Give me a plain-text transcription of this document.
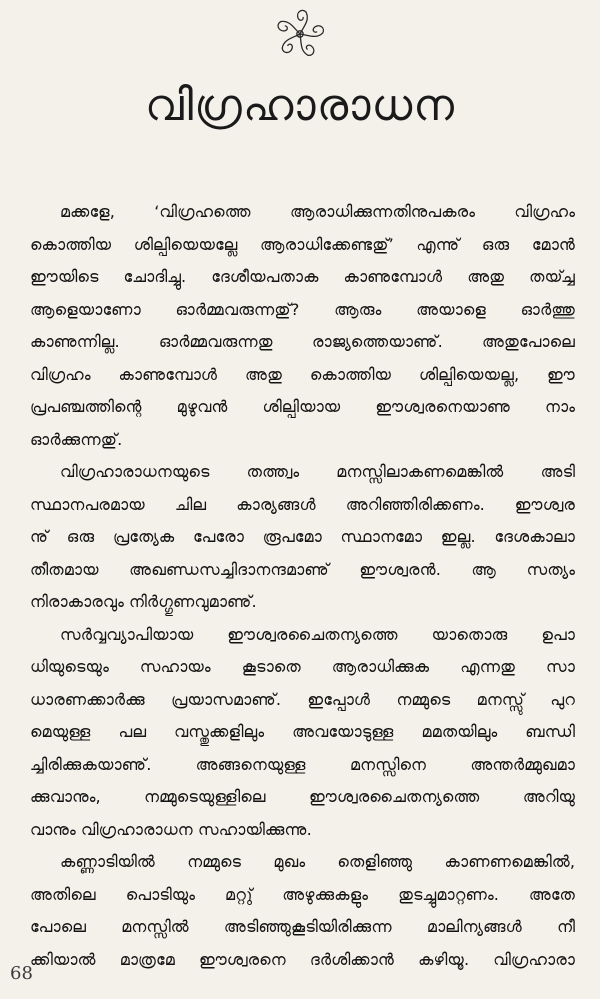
വിഗ്രഹാരാധന
മക്കളേ, ‘വിഗ്രഹത്തെ ആരാധിക്കുന്നതിനുപകരം വിഗ്രഹം
കൊത്തിയ ശില്പിയെയല്ലേ ആരാധിക്കേണ്ടതു്’ എന്നു് ഒരു മോൻ
ഈയിടെ ചോദിച്ചു. ദേശീയപതാക കാണുമ്പോൾ അതു തയ്ച്ച
ആളെയാണോ ഓർമ്മവരുന്നതു്? ആരും അയാളെ ഓർത്തു
കാണുന്നില്ല. ഓർമ്മവരുന്നതു രാജ്യത്തെയാണു്. അതുപോലെ
വിഗ്രഹം കാണുമ്പോൾ അതു കൊത്തിയ ശില്പിയെയല്ല, ഈ
പ്രപഞ്ചത്തിന്റെ മുഴുവൻ ശില്പിയായ ഈശ്വരനെയാണു നാം
ഓർക്കുന്നതു്.
വിഗ്രഹാരാധനയുടെ തത്ത്വം മനസ്സിലാകണമെങ്കിൽ അടി
സ്ഥാനപരമായ ചില കാര്യങ്ങൾ അറിഞ്ഞിരിക്കണം. ഈശ്വര
നു് ഒരു പ്രത്യേക പേരോ രൂപമോ സ്ഥാനമോ ഇല്ല. ദേശകാലാ
തീതമായ അഖണ്ഡസച്ചിദാനന്ദമാണു് ഈശ്വരൻ. ആ സത്യം
നിരാകാരവും നിർഗ്ഗുണവുമാണു്.
സർവ്വവ്യാപിയായ ഈശ്വരചൈതന്യത്തെ യാതൊരു ഉപാ
ധിയുടെയും സഹായം കൂടാതെ ആരാധിക്കുക എന്നതു സാ
ധാരണക്കാർക്കു പ്രയാസമാണു്. ഇപ്പോൾ നമ്മുടെ മനസ്സു് പുറ
മെയുള്ള പല വസ്തുക്കളിലും അവയോടുള്ള മമതയിലും ബന്ധി
ച്ചിരിക്കുകയാണു്. അങ്ങനെയുള്ള മനസ്സിനെ അന്തർമ്മുഖമാ
ക്കുവാനും, നമ്മുടെയുള്ളിലെ ഈശ്വരചൈതന്യത്തെ അറിയു
വാനും വിഗ്രഹാരാധന സഹായിക്കുന്നു.
കണ്ണാടിയിൽ നമ്മുടെ മുഖം തെളിഞ്ഞു കാണണമെങ്കിൽ,
അതിലെ പൊടിയും മറ്റു് അഴുക്കുകളും തുടച്ചുമാറ്റണം. അതേ
പോലെ മനസ്സിൽ അടിഞ്ഞുകൂടിയിരിക്കുന്ന മാലിന്യങ്ങൾ നീ
ക്കിയാൽ മാത്രമേ ഈശ്വരനെ ദർശിക്കാൻ കഴിയൂ. വിഗ്രഹാരാ
68
